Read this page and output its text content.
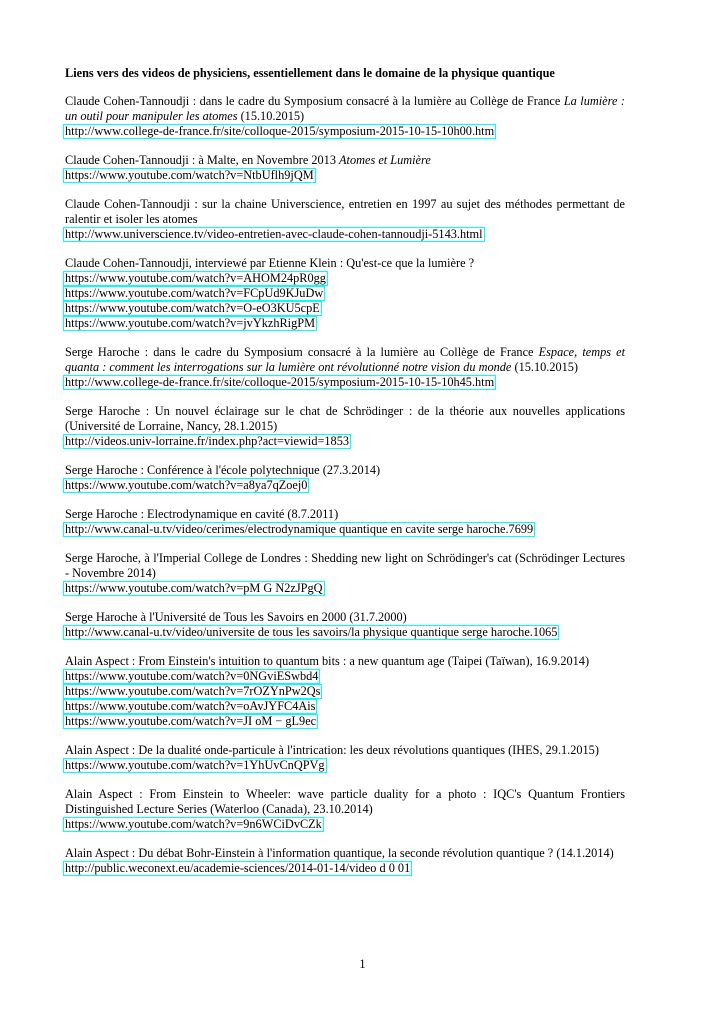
Liens vers des videos de physiciens, essentiellement dans le domaine de la physique quantique

Claude Cohen-Tannoudji : dans le cadre du Symposium consacré à la lumière au Collège de France La lumière : un outil pour manipuler les atomes (15.10.2015)

http://www.college-de-france.fr/site/colloque-2015/symposium-2015-10-15-10h00.htm

Claude Cohen-Tannoudji : à Malte, en Novembre 2013 Atomes et Lumière

https://www.youtube.com/watch?v=NtbUflh9jQM

Claude Cohen-Tannoudji : sur la chaine Universcience, entretien en 1997 au sujet des méthodes permettant de ralentir et isoler les atomes

http://www.universcience.tv/video-entretien-avec-claude-cohen-tannoudji-5143.html

Claude Cohen-Tannoudji, interviewé par Etienne Klein : Qu'est-ce que la lumière ?

https://www.youtube.com/watch?v=AHOM24pR0gg
https://www.youtube.com/watch?v=FCpUd9KJuDw
https://www.youtube.com/watch?v=O-eO3KU5cpE
https://www.youtube.com/watch?v=jvYkzhRigPM

Serge Haroche : dans le cadre du Symposium consacré à la lumière au Collège de France Espace, temps et quanta : comment les interrogations sur la lumière ont révolutionné notre vision du monde (15.10.2015)

http://www.college-de-france.fr/site/colloque-2015/symposium-2015-10-15-10h45.htm

Serge Haroche : Un nouvel éclairage sur le chat de Schrödinger : de la théorie aux nouvelles applications (Université de Lorraine, Nancy, 28.1.2015)

http://videos.univ-lorraine.fr/index.php?act=viewid=1853

Serge Haroche : Conférence à l'école polytechnique (27.3.2014)

https://www.youtube.com/watch?v=a8ya7qZoej0

Serge Haroche : Electrodynamique en cavité (8.7.2011)

http://www.canal-u.tv/video/cerimes/electrodynamique quantique en cavite serge haroche.7699

Serge Haroche, à l'Imperial College de Londres : Shedding new light on Schrödinger's cat (Schrödinger Lectures - Novembre 2014)

https://www.youtube.com/watch?v=pM G N2zJPgQ

Serge Haroche à l'Université de Tous les Savoirs en 2000 (31.7.2000)

http://www.canal-u.tv/video/universite de tous les savoirs/la physique quantique serge haroche.1065

Alain Aspect : From Einstein's intuition to quantum bits : a new quantum age (Taipei (Taïwan), 16.9.2014)

https://www.youtube.com/watch?v=0NGviESwbd4
https://www.youtube.com/watch?v=7rOZYnPw2Qs
https://www.youtube.com/watch?v=oAvJYFC4Ais
https://www.youtube.com/watch?v=JI oM − gL9ec

Alain Aspect : De la dualité onde-particule à l'intrication: les deux révolutions quantiques (IHES, 29.1.2015)

https://www.youtube.com/watch?v=1YhUvCnQPVg

Alain Aspect : From Einstein to Wheeler: wave particle duality for a photo : IQC's Quantum Frontiers Distinguished Lecture Series (Waterloo (Canada), 23.10.2014)

https://www.youtube.com/watch?v=9n6WCiDvCZk

Alain Aspect : Du débat Bohr-Einstein à l'information quantique, la seconde révolution quantique ? (14.1.2014)

http://public.weconext.eu/academie-sciences/2014-01-14/video d 0 01
1
